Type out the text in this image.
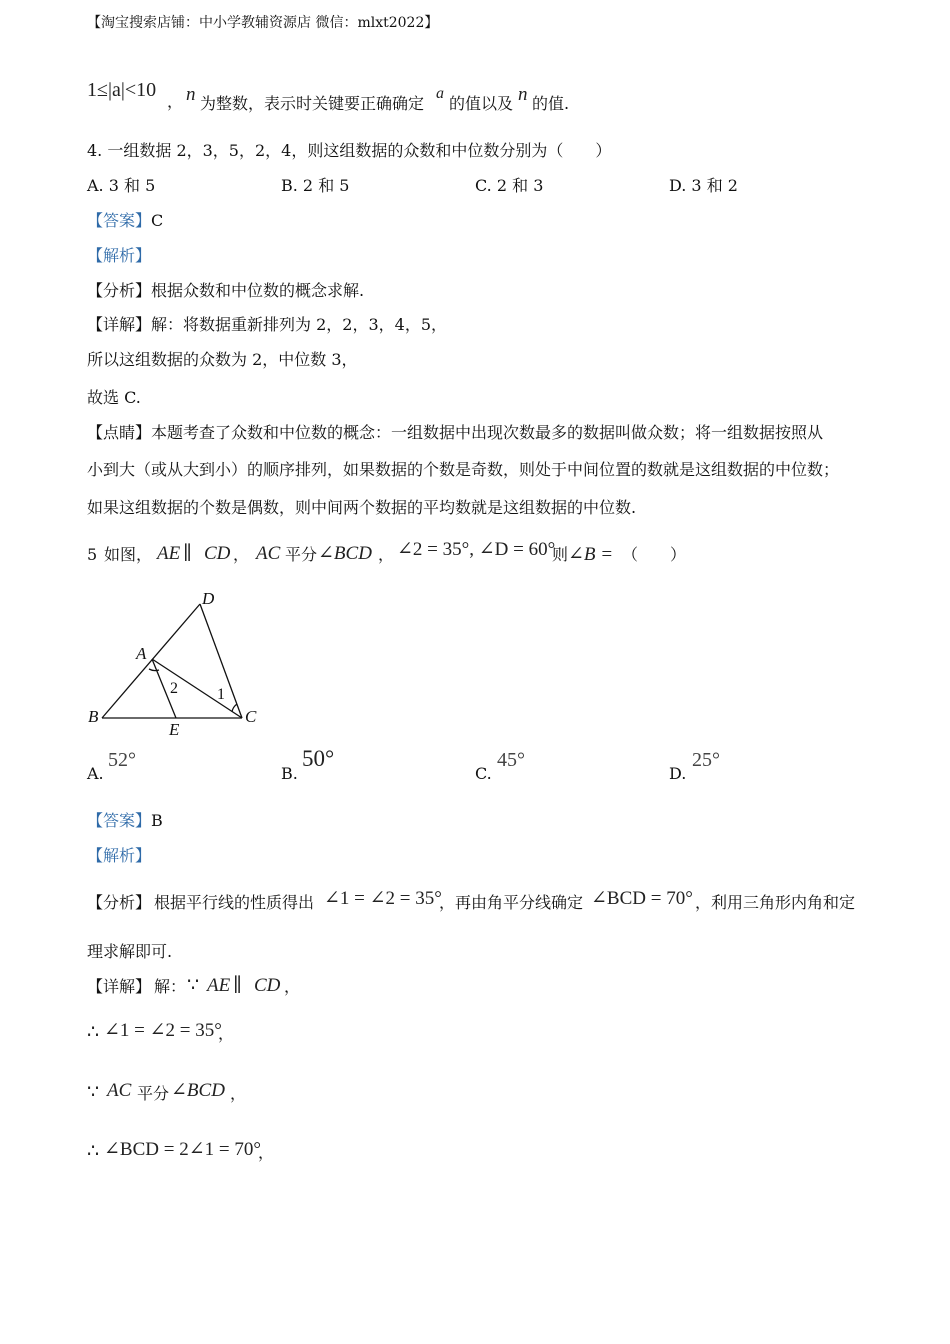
【淘宝搜索店铺：中小学教辅资源店 微信：mlxt2022】
1≤|a|<10
， n 为整数，表示时关键要正确确定
a
的值以及 n 的值.
4. 一组数据 2，3，5，2，4，则这组数据的众数和中位数分别为（　　）
A. 3 和 5	B. 2 和 5	C. 2 和 3	D. 3 和 2
【答案】C
【解析】
【分析】根据众数和中位数的概念求解.
【详解】解：将数据重新排列为 2，2，3，4，5，
所以这组数据的众数为 2，中位数 3，
故选 C.
【点睛】本题考查了众数和中位数的概念：一组数据中出现次数最多的数据叫做众数；将一组数据按照从
小到大（或从大到小）的顺序排列，如果数据的个数是奇数，则处于中间位置的数就是这组数据的中位数；
如果这组数据的个数是偶数，则中间两个数据的平均数就是这组数据的中位数.
5 如图， AE ∥ CD ， AC 平分 ∠BCD ， ∠2 = 35°, ∠D = 60°
则 ∠B = （　　）
D
A
B
E
C
2 1
A.
52°
B.
50°
C.
45°
D.
25°
【答案】B
【解析】
【分析】 根据平行线的性质得出 ∠1 = ∠2 = 35°
，再由角平分线确定 ∠BCD = 70° ，利用三角形内角和定
理求解即可.
【详解】 解： ∵ AE ∥ CD ，
∴ ∠1 = ∠2 = 35°
，
∵ AC 平分 ∠BCD ，
∴ ∠BCD = 2∠1 = 70°
，
